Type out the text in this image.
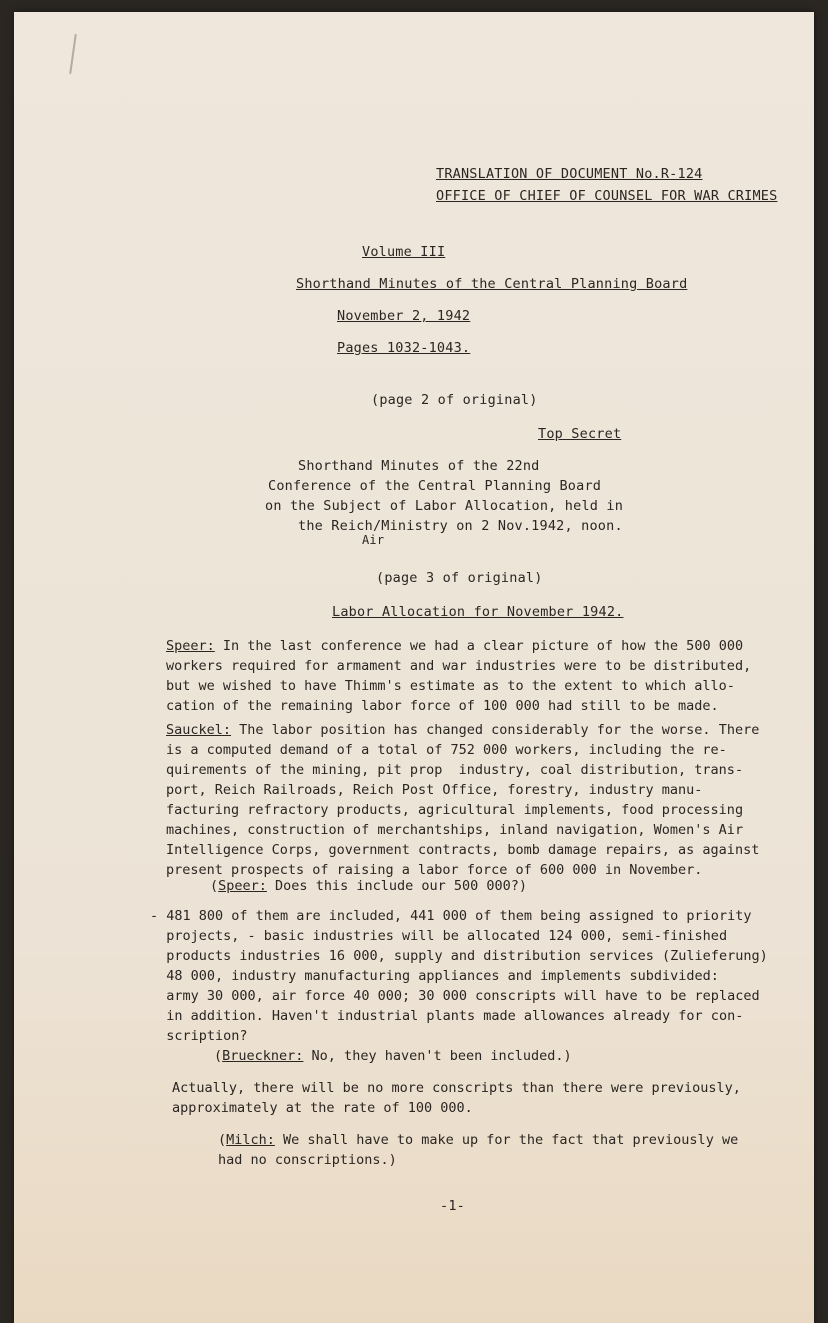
TRANSLATION OF DOCUMENT No.R-124
OFFICE OF CHIEF OF COUNSEL FOR WAR CRIMES
Volume III
Shorthand Minutes of the Central Planning Board
November 2, 1942
Pages 1032-1043.
(page 2 of original)
Top Secret
Shorthand Minutes of the 22nd
Conference of the Central Planning Board
on the Subject of Labor Allocation, held in
the Reich/Ministry on 2 Nov.1942, noon.
Air
(page 3 of original)
Labor Allocation for November 1942.
Speer: In the last conference we had a clear picture of how the 500 000
workers required for armament and war industries were to be distributed,
but we wished to have Thimm's estimate as to the extent to which allo-
cation of the remaining labor force of 100 000 had still to be made.
Sauckel: The labor position has changed considerably for the worse. There
is a computed demand of a total of 752 000 workers, including the re-
quirements of the mining, pit prop  industry, coal distribution, trans-
port, Reich Railroads, Reich Post Office, forestry, industry manu-
facturing refractory products, agricultural implements, food processing
machines, construction of merchantships, inland navigation, Women's Air
Intelligence Corps, government contracts, bomb damage repairs, as against
present prospects of raising a labor force of 600 000 in November.
(Speer: Does this include our 500 000?)
- 481 800 of them are included, 441 000 of them being assigned to priority
projects, - basic industries will be allocated 124 000, semi-finished
products industries 16 000, supply and distribution services (Zulieferung)
48 000, industry manufacturing appliances and implements subdivided:
army 30 000, air force 40 000; 30 000 conscripts will have to be replaced
in addition. Haven't industrial plants made allowances already for con-
scription?
(Brueckner: No, they haven't been included.)
Actually, there will be no more conscripts than there were previously,
approximately at the rate of 100 000.
(Milch: We shall have to make up for the fact that previously we
had no conscriptions.)
-1-
